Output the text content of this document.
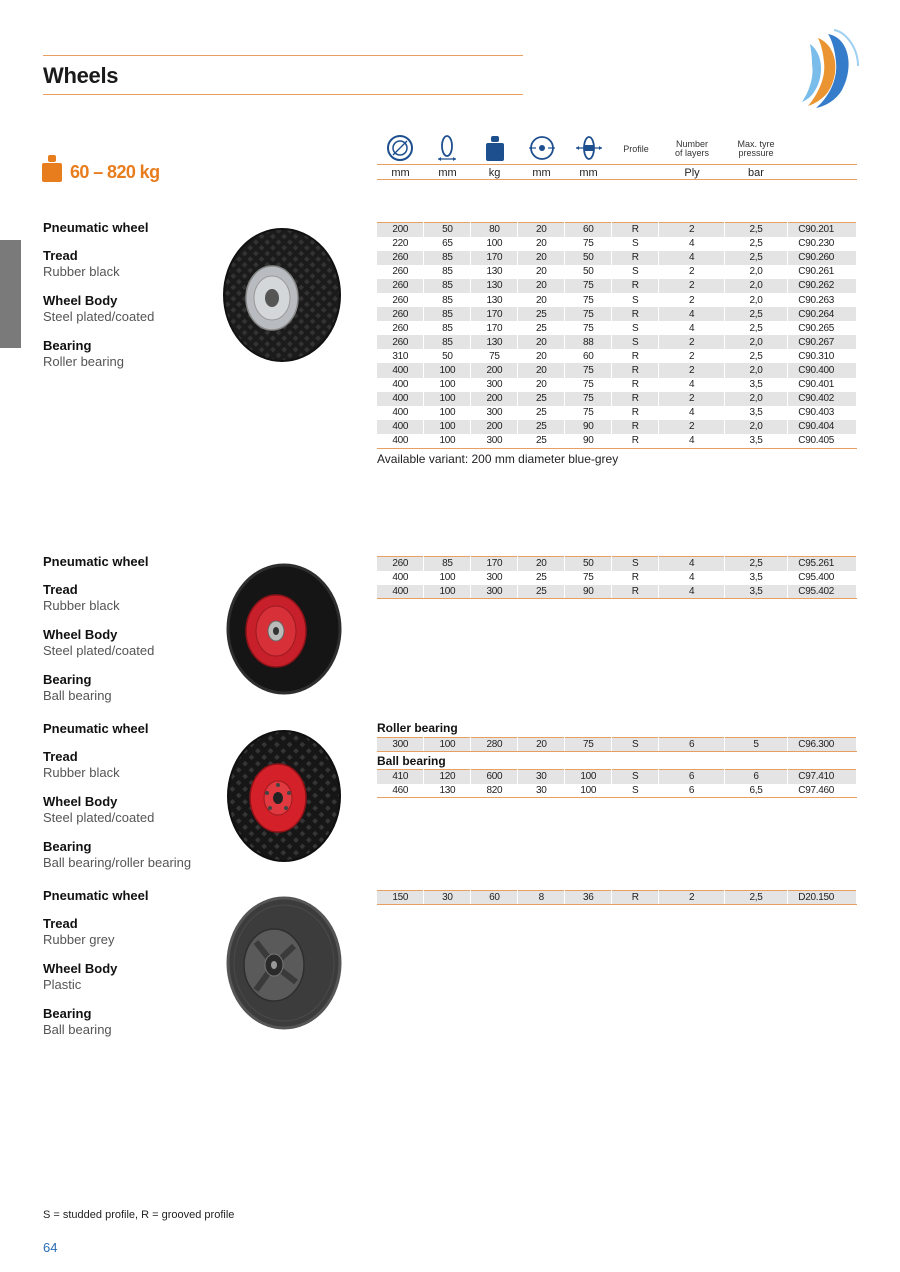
Wheels
60 – 820 kg
Profile	Number
of layers
Max. tyre
pressure
mm	mm	kg	mm	mm	Ply	bar
Pneumatic wheel
Tread
Rubber black
Wheel Body
Steel plated/coated
Bearing
Roller bearing
200	50	80	20	60	R	2	2,5	C90.201
220	65	100	20	75	S	4	2,5	C90.230
260	85	170	20	50	R	4	2,5	C90.260
260	85	130	20	50	S	2	2,0	C90.261
260	85	130	20	75	R	2	2,0	C90.262
260	85	130	20	75	S	2	2,0	C90.263
260	85	170	25	75	R	4	2,5	C90.264
260	85	170	25	75	S	4	2,5	C90.265
260	85	130	20	88	S	2	2,0	C90.267
310	50	75	20	60	R	2	2,5	C90.310
400	100	200	20	75	R	2	2,0	C90.400
400	100	300	20	75	R	4	3,5	C90.401
400	100	200	25	75	R	2	2,0	C90.402
400	100	300	25	75	R	4	3,5	C90.403
400	100	200	25	90	R	2	2,0	C90.404
400	100	300	25	90	R	4	3,5	C90.405
Available variant: 200 mm diameter blue-grey
Pneumatic wheel
Tread
Rubber black
Wheel Body
Steel plated/coated
Bearing
Ball bearing
260	85	170	20	50	S	4	2,5	C95.261
400	100	300	25	75	R	4	3,5	C95.400
400	100	300	25	90	R	4	3,5	C95.402
Pneumatic wheel
Tread
Rubber black
Wheel Body
Steel plated/coated
Bearing
Ball bearing/roller bearing
Roller bearing
300	100	280	20	75	S	6	5	C96.300
Ball bearing
410	120	600	30	100	S	6	6	C97.410
460	130	820	30	100	S	6	6,5	C97.460
Pneumatic wheel
Tread
Rubber grey
Wheel Body
Plastic
Bearing
Ball bearing
150	30	60	8	36	R	2	2,5	D20.150
S = studded profile, R = grooved profile
64
